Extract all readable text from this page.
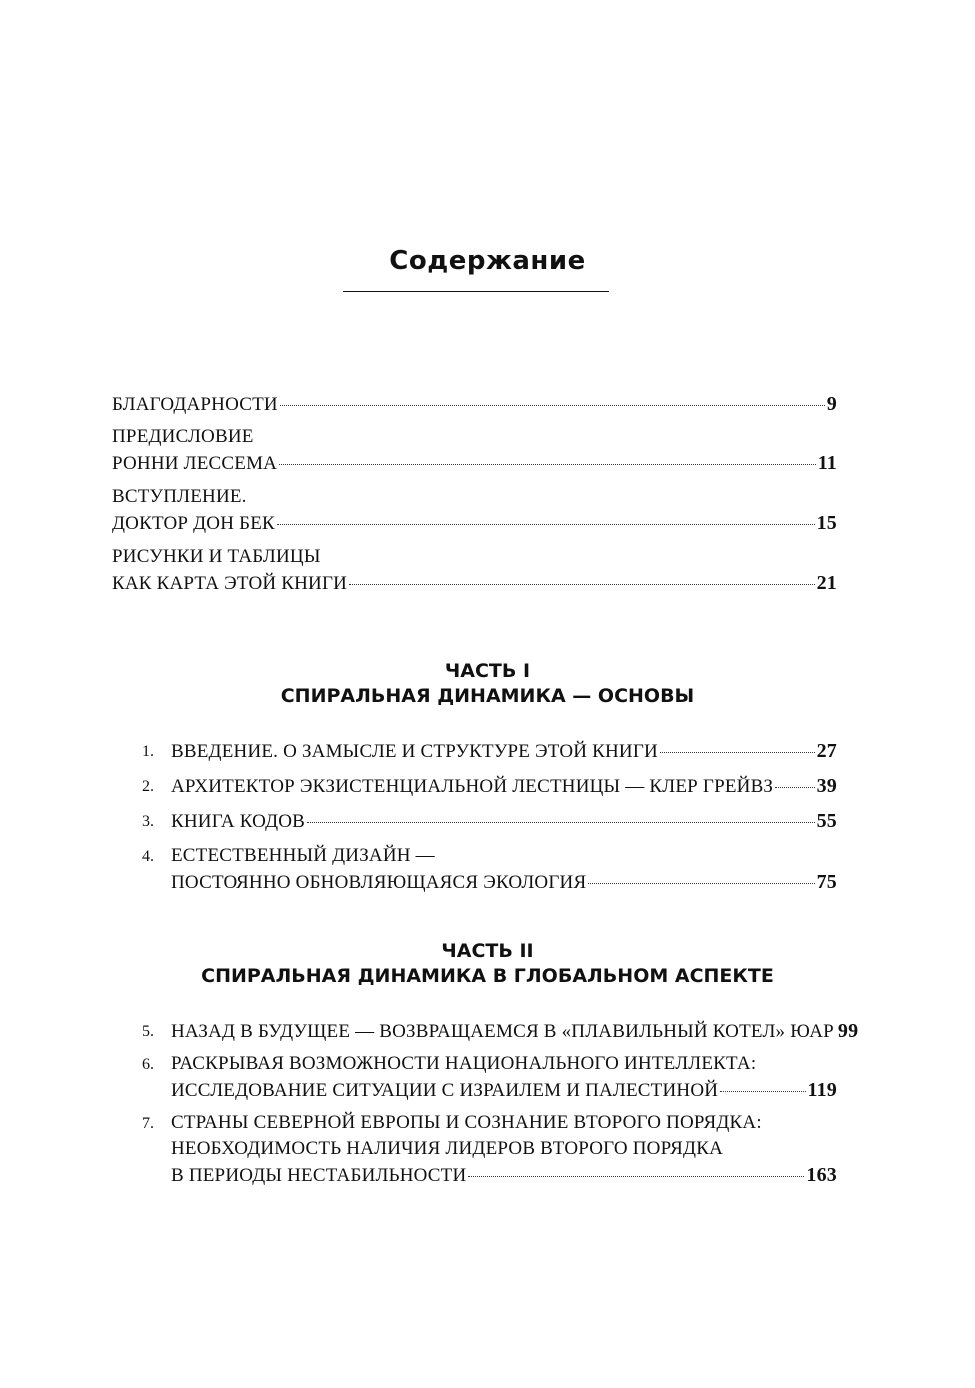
Содержание
БЛАГОДАРНОСТИ	9
ПРЕДИСЛОВИЕ
РОННИ ЛЕССЕМА	11
ВСТУПЛЕНИЕ.
ДОКТОР ДОН БЕК	15
РИСУНКИ И ТАБЛИЦЫ
КАК КАРТА ЭТОЙ КНИГИ	21
ЧАСТЬ I
СПИРАЛЬНАЯ ДИНАМИКА — ОСНОВЫ
1. ВВЕДЕНИЕ. О ЗАМЫСЛЕ И СТРУКТУРЕ ЭТОЙ КНИГИ	27
2. АРХИТЕКТОР ЭКЗИСТЕНЦИАЛЬНОЙ ЛЕСТНИЦЫ — КЛЕР ГРЕЙВЗ 39
3. КНИГА КОДОВ	55
4. ЕСТЕСТВЕННЫЙ ДИЗАЙН —
ПОСТОЯННО ОБНОВЛЯЮЩАЯСЯ ЭКОЛОГИЯ	75
ЧАСТЬ II
СПИРАЛЬНАЯ ДИНАМИКА В ГЛОБАЛЬНОМ АСПЕКТЕ
5. НАЗАД В БУДУЩЕЕ — ВОЗВРАЩАЕМСЯ В «ПЛАВИЛЬНЫЙ КОТЕЛ» ЮАР 99
6. РАСКРЫВАЯ ВОЗМОЖНОСТИ НАЦИОНАЛЬНОГО ИНТЕЛЛЕКТА:
ИССЛЕДОВАНИЕ СИТУАЦИИ С ИЗРАИЛЕМ И ПАЛЕСТИНОЙ	119
7. СТРАНЫ СЕВЕРНОЙ ЕВРОПЫ И СОЗНАНИЕ ВТОРОГО ПОРЯДКА:
НЕОБХОДИМОСТЬ НАЛИЧИЯ ЛИДЕРОВ ВТОРОГО ПОРЯДКА
В ПЕРИОДЫ НЕСТАБИЛЬНОСТИ	163
